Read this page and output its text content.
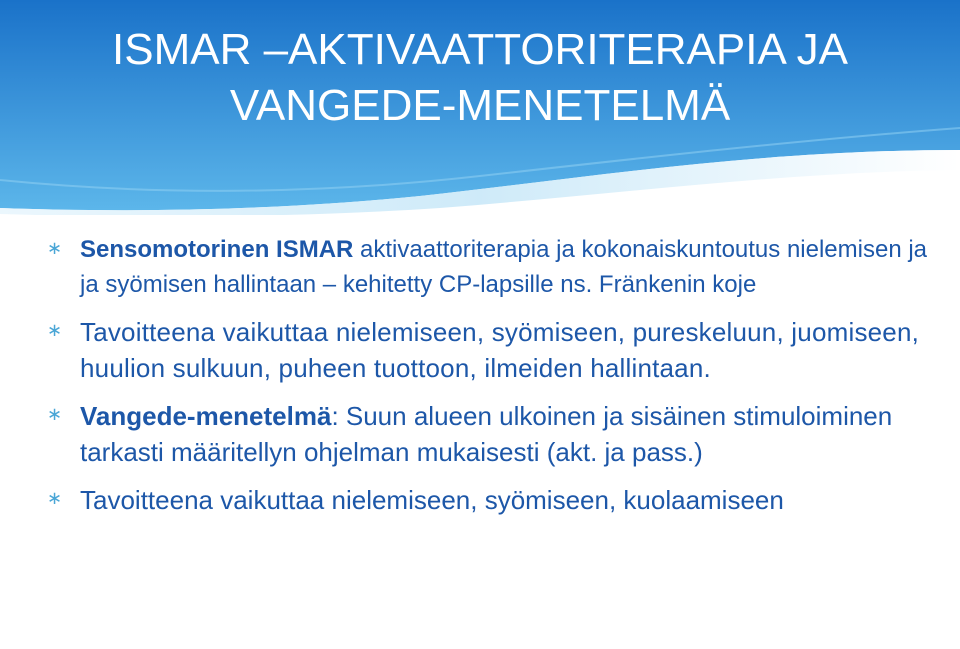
ISMAR –AKTIVAATTORITERAPIA JA
VANGEDE-MENETELMÄ
∗ Sensomotorinen ISMAR aktivaattoriterapia ja kokonaiskuntoutus nielemisen ja ja syömisen hallintaan – kehitetty CP-lapsille ns. Fränkenin koje
∗ Tavoitteena vaikuttaa nielemiseen, syömiseen, pureskeluun, juomiseen, huulion sulkuun, puheen tuottoon, ilmeiden hallintaan.
∗ Vangede-menetelmä: Suun alueen ulkoinen ja sisäinen stimuloiminen tarkasti määritellyn ohjelman mukaisesti (akt. ja pass.)
∗ Tavoitteena vaikuttaa nielemiseen, syömiseen, kuolaamiseen
